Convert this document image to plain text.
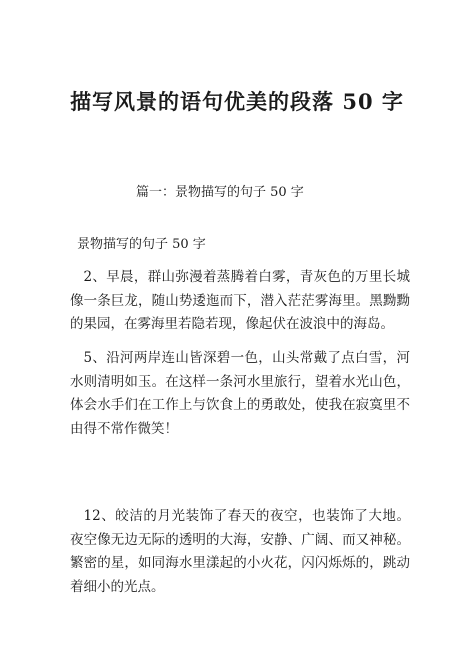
描写风景的语句优美的段落 50 字

篇一：景物描写的句子 50 字

景物描写的句子 50 字

2、早晨，群山弥漫着蒸腾着白雾，青灰色的万里长城像一条巨龙，随山势逶迤而下，潜入茫茫雾海里。黑黝黝的果园，在雾海里若隐若现，像起伏在波浪中的海岛。

5、沿河两岸连山皆深碧一色，山头常戴了点白雪，河水则清明如玉。在这样一条河水里旅行，望着水光山色，体会水手们在工作上与饮食上的勇敢处，使我在寂寞里不由得不常作微笑！

12、皎洁的月光装饰了春天的夜空，也装饰了大地。夜空像无边无际的透明的大海，安静、广阔、而又神秘。繁密的星，如同海水里漾起的小火花，闪闪烁烁的，跳动着细小的光点。
